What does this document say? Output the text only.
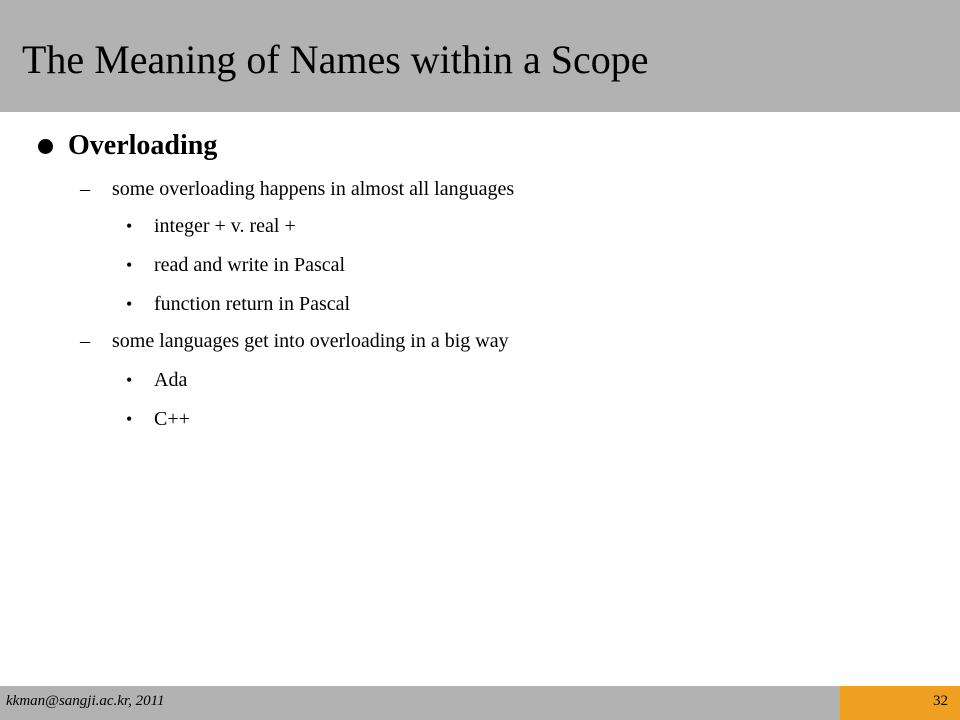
The Meaning of Names within a Scope
Overloading
–	some overloading happens in almost all languages
•	integer + v. real +
•	read and write in Pascal
•	function return in Pascal
–	some languages get into overloading in a big way
•	Ada
•	C++
kkman@sangji.ac.kr, 2011	32
